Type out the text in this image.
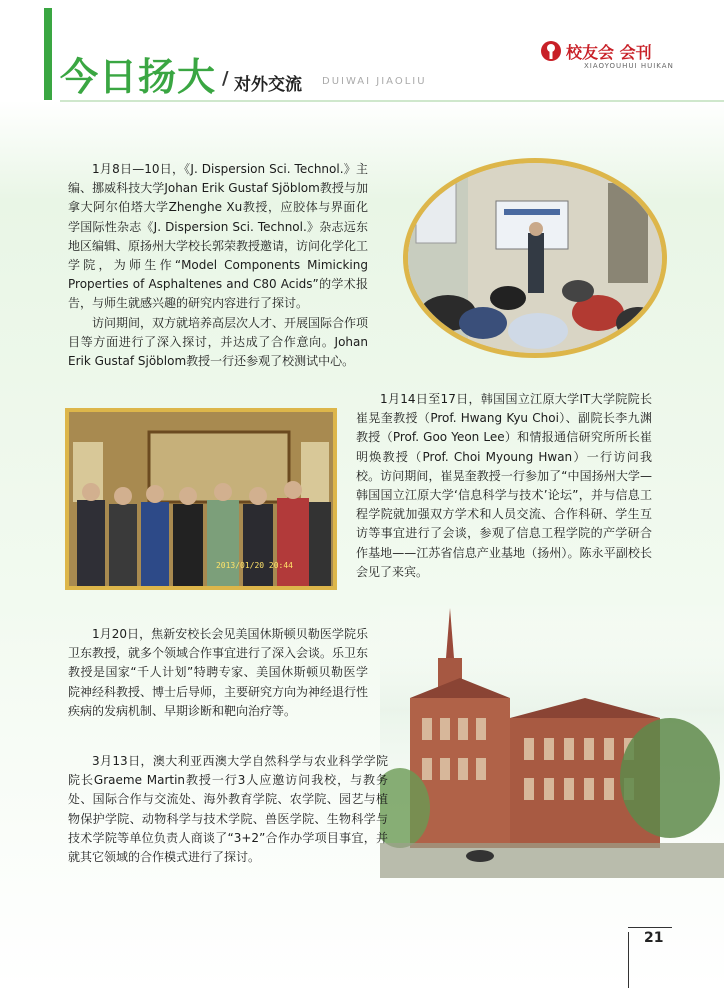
今日扬大 / 对外交流 DUIWAI JIAOLIU
校友会 会刊
XIAOYOUHUI HUIKAN
2013/01/20 20:44

1月8日—10日，《J. Dispersion Sci. Technol.》主编、挪威科技大学Johan Erik Gustaf Sjöblom教授与加拿大阿尔伯塔大学Zhenghe Xu教授，应胶体与界面化学国际性杂志《J. Dispersion Sci. Technol.》杂志远东地区编辑、原扬州大学校长郭荣教授邀请，访问化学化工学院，为师生作“Model Components Mimicking Properties of Asphaltenes and C80 Acids”的学术报告，与师生就感兴趣的研究内容进行了探讨。

访问期间，双方就培养高层次人才、开展国际合作项目等方面进行了深入探讨，并达成了合作意向。Johan Erik Gustaf Sjöblom教授一行还参观了校测试中心。

1月14日至17日，韩国国立江原大学IT大学院院长崔晃奎教授（Prof. Hwang Kyu Choi）、副院长李九渊教授（Prof. Goo Yeon Lee）和情报通信研究所所长崔明焕教授（Prof. Choi Myoung Hwan）一行访问我校。访问期间，崔晃奎教授一行参加了“中国扬州大学—韩国国立江原大学‘信息科学与技术’论坛”，并与信息工程学院就加强双方学术和人员交流、合作科研、学生互访等事宜进行了会谈，参观了信息工程学院的产学研合作基地——江苏省信息产业基地（扬州）。陈永平副校长会见了来宾。

1月20日，焦新安校长会见美国休斯顿贝勒医学院乐卫东教授，就多个领域合作事宜进行了深入会谈。乐卫东教授是国家“千人计划”特聘专家、美国休斯顿贝勒医学院神经科教授、博士后导师，主要研究方向为神经退行性疾病的发病机制、早期诊断和靶向治疗等。

3月13日，澳大利亚西澳大学自然科学与农业科学学院院长Graeme Martin教授一行3人应邀访问我校，与教务处、国际合作与交流处、海外教育学院、农学院、园艺与植物保护学院、动物科学与技术学院、兽医学院、生物科学与技术学院等单位负责人商谈了“3+2”合作办学项目事宜，并就其它领域的合作模式进行了探讨。

21
